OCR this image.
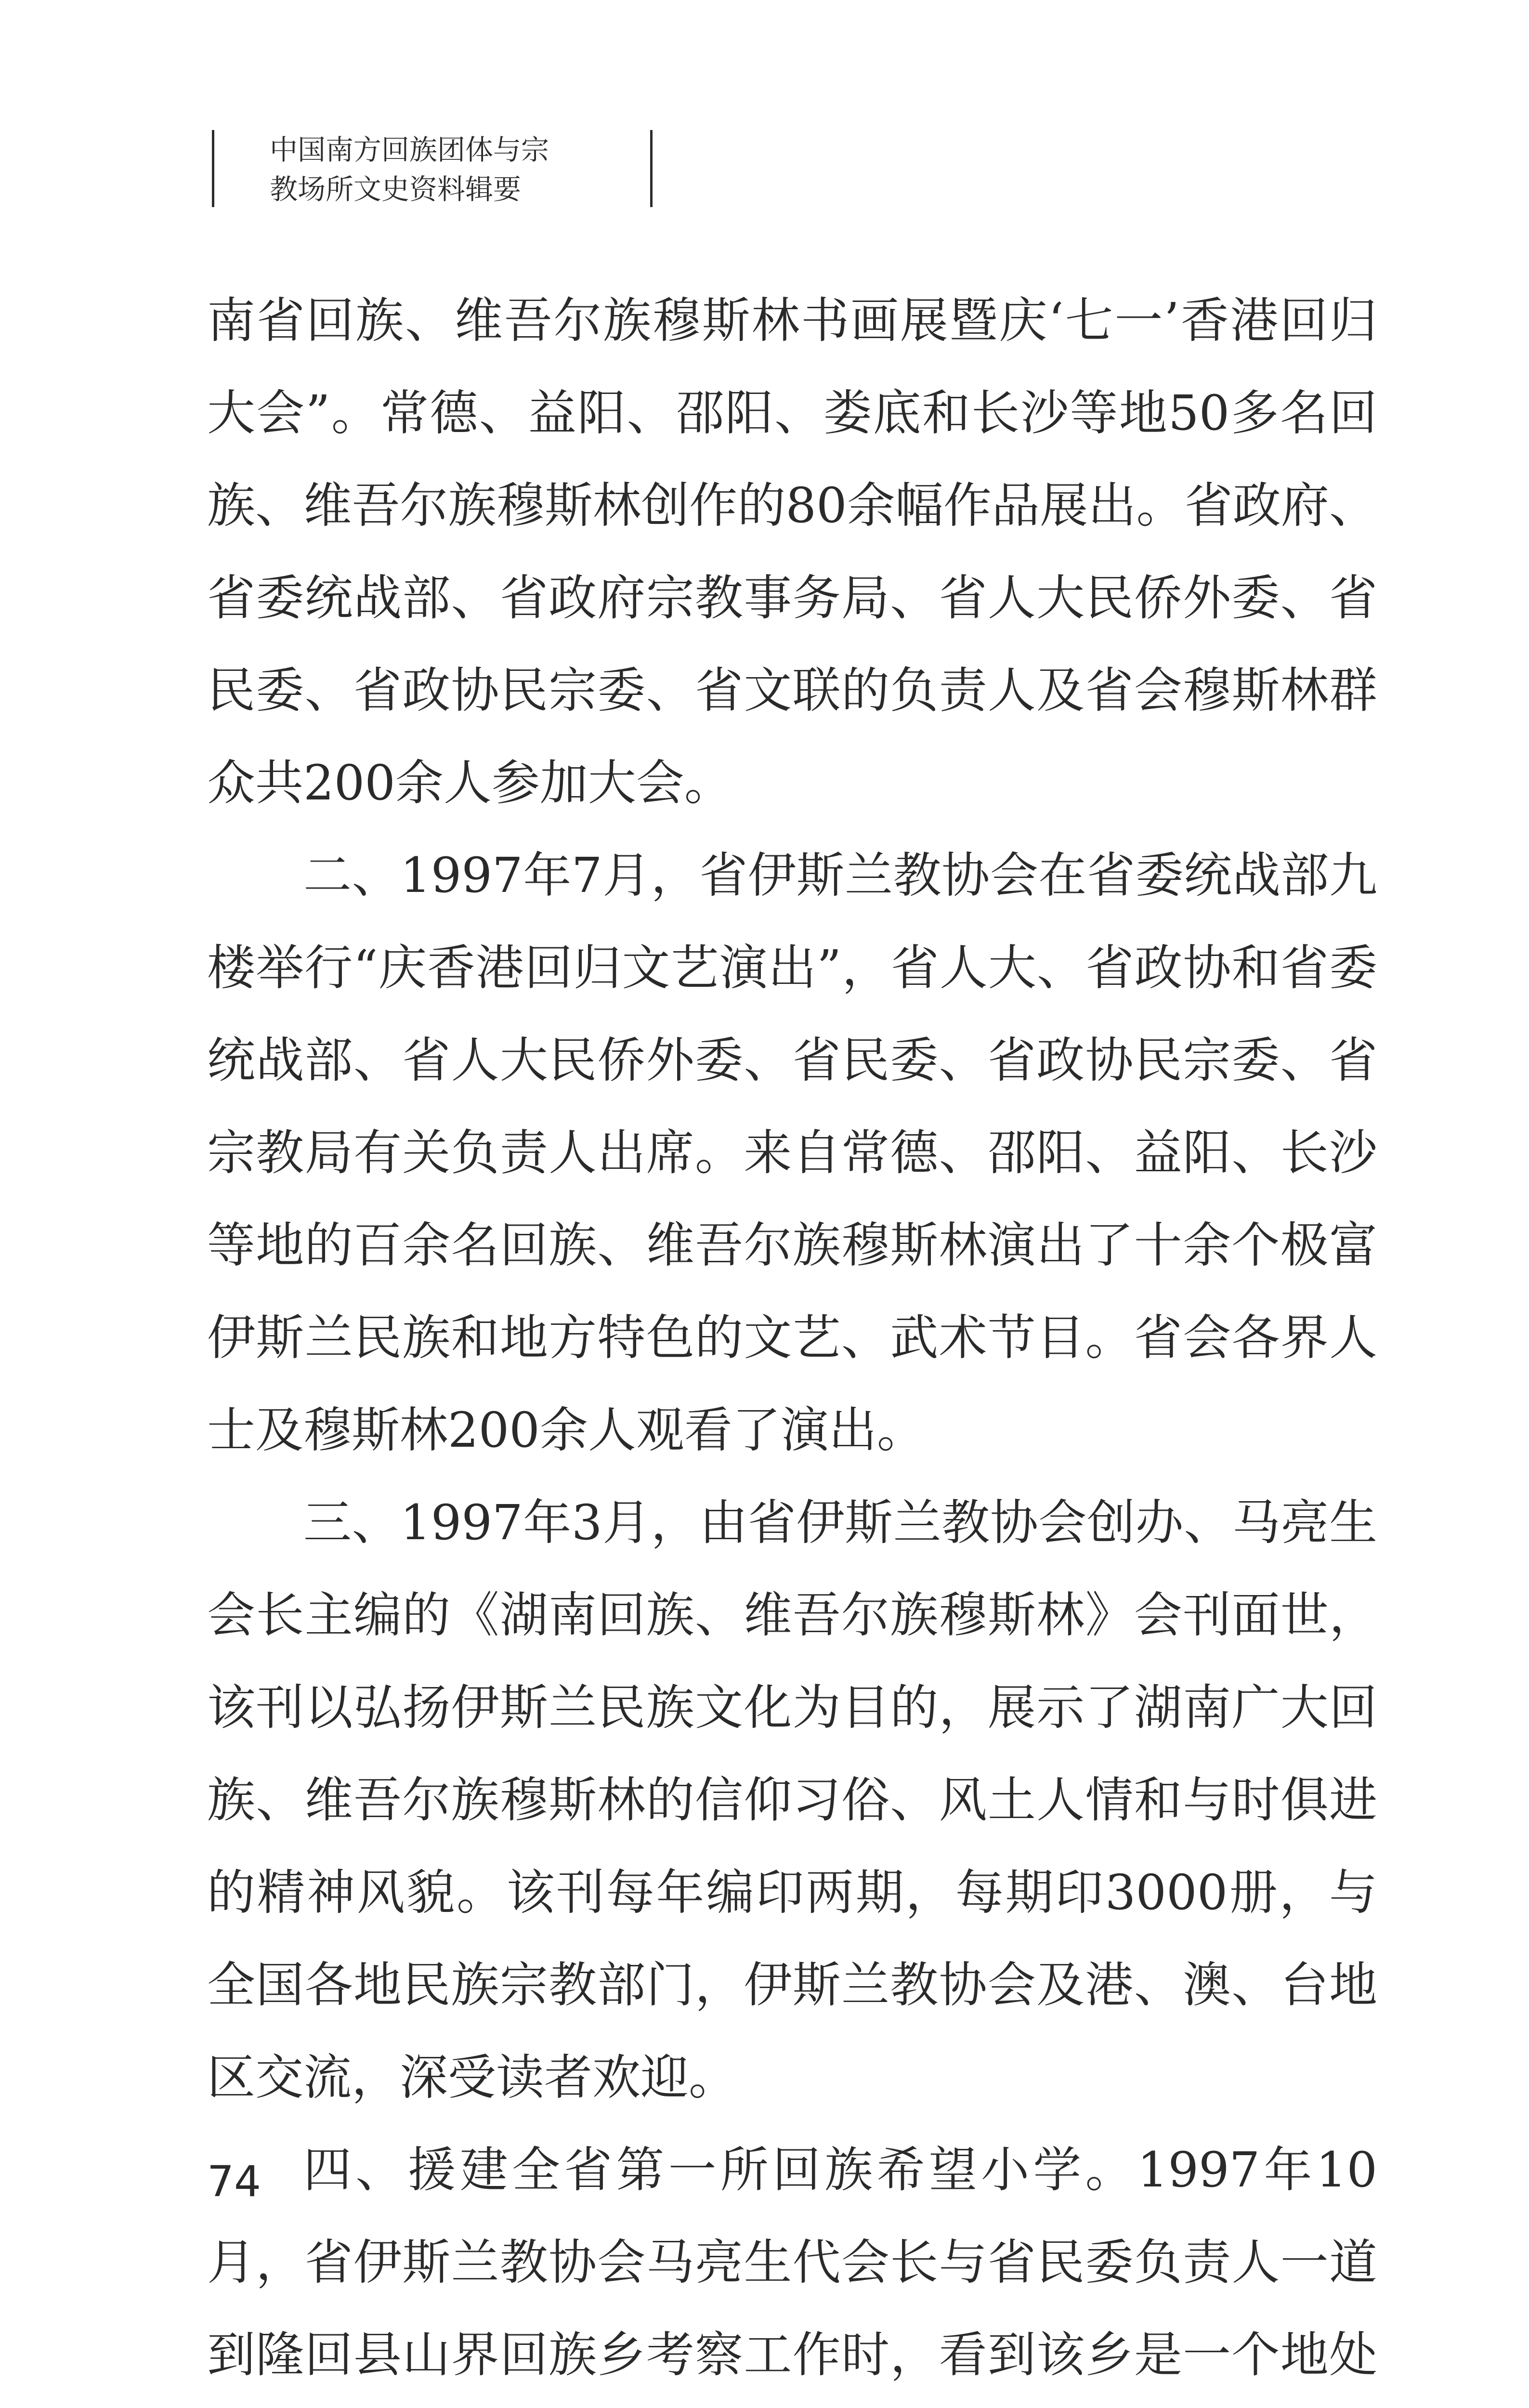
中国南方回族团体与宗
教场所文史资料辑要

南省回族、维吾尔族穆斯林书画展暨庆‘七一’香港回归大会”。常德、益阳、邵阳、娄底和长沙等地50多名回族、维吾尔族穆斯林创作的80余幅作品展出。省政府、省委统战部、省政府宗教事务局、省人大民侨外委、省民委、省政协民宗委、省文联的负责人及省会穆斯林群众共200余人参加大会。

二、1997年7月，省伊斯兰教协会在省委统战部九楼举行“庆香港回归文艺演出”，省人大、省政协和省委统战部、省人大民侨外委、省民委、省政协民宗委、省宗教局有关负责人出席。来自常德、邵阳、益阳、长沙等地的百余名回族、维吾尔族穆斯林演出了十余个极富伊斯兰民族和地方特色的文艺、武术节目。省会各界人士及穆斯林200余人观看了演出。

三、1997年3月，由省伊斯兰教协会创办、马亮生会长主编的《湖南回族、维吾尔族穆斯林》会刊面世，该刊以弘扬伊斯兰民族文化为目的，展示了湖南广大回族、维吾尔族穆斯林的信仰习俗、风土人情和与时俱进的精神风貌。该刊每年编印两期，每期印3000册，与全国各地民族宗教部门，伊斯兰教协会及港、澳、台地区交流，深受读者欢迎。

四、援建全省第一所回族希望小学。1997年10月，省伊斯兰教协会马亮生代会长与省民委负责人一道到隆回县山界回族乡考察工作时，看到该乡是一个地处

74
